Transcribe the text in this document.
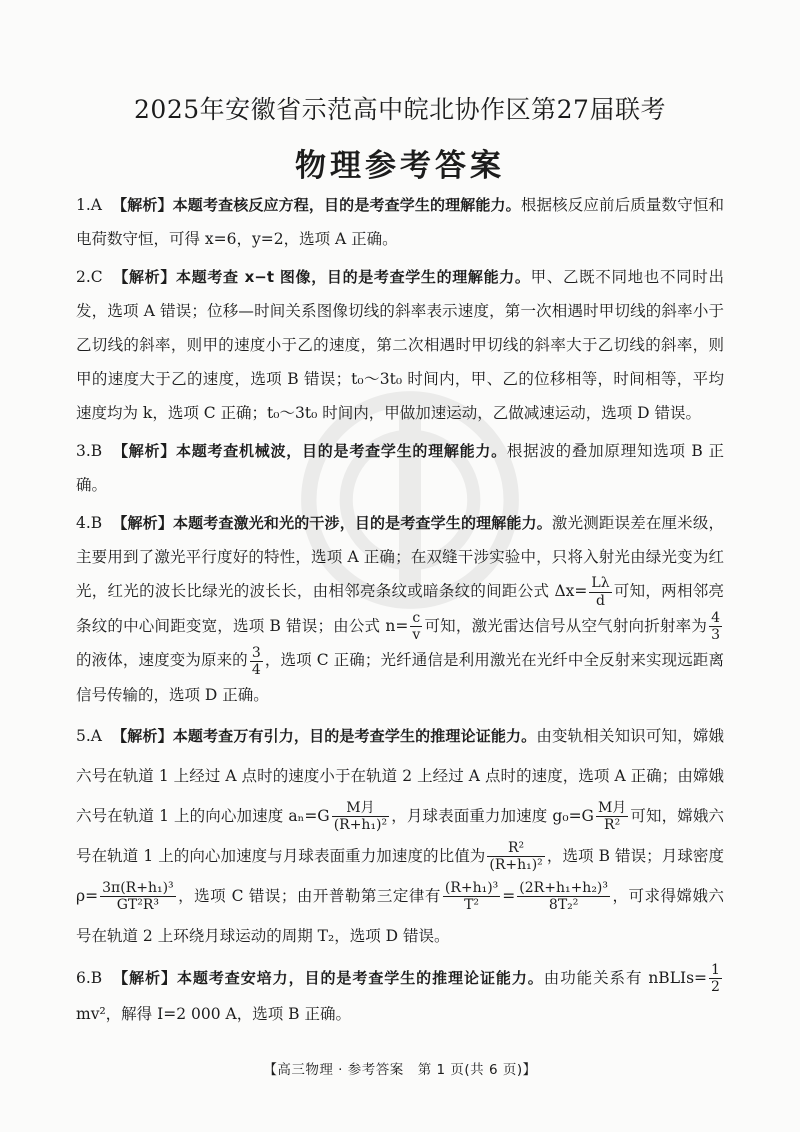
2025年安徽省示范高中皖北协作区第27届联考
物理参考答案

1.A 【解析】本题考查核反应方程，目的是考查学生的理解能力。根据核反应前后质量数守恒和电荷数守恒，可得 x=6，y=2，选项 A 正确。

2.C 【解析】本题考查 x−t 图像，目的是考查学生的理解能力。甲、乙既不同地也不同时出发，选项 A 错误；位移—时间关系图像切线的斜率表示速度，第一次相遇时甲切线的斜率小于乙切线的斜率，则甲的速度小于乙的速度，第二次相遇时甲切线的斜率大于乙切线的斜率，则甲的速度大于乙的速度，选项 B 错误；t₀～3t₀ 时间内，甲、乙的位移相等，时间相等，平均速度均为 k，选项 C 正确；t₀～3t₀ 时间内，甲做加速运动，乙做减速运动，选项 D 错误。

3.B 【解析】本题考查机械波，目的是考查学生的理解能力。根据波的叠加原理知选项 B 正确。

4.B 【解析】本题考查激光和光的干涉，目的是考查学生的理解能力。激光测距误差在厘米级，主要用到了激光平行度好的特性，选项 A 正确；在双缝干涉实验中，只将入射光由绿光变为红光，红光的波长比绿光的波长长，由相邻亮条纹或暗条纹的间距公式 $\Delta x= \frac{L\lambda}{d}$ 可知，两相邻亮条纹的中心间距变宽，选项 B 错误；由公式 $n= \frac{c}{v}$ 可知，激光雷达信号从空气射向折射率为 $\frac{4}{3}$
的液体，速度变为原来的 $\frac{3}{4}$ ，选项 C 正确；光纤通信是利用激光在光纤中全反射来实现远距离信号传输的，选项 D 正确。

5.A 【解析】本题考查万有引力，目的是考查学生的推理论证能力。由变轨相关知识可知，嫦娥六号在轨道 1 上经过 A 点时的速度小于在轨道 2 上经过 A 点时的速度，选项 A 正确；由嫦娥六号在轨道 1 上的向心加速度 $a_n=G \frac{\text{M月}}{\text{(R+h₁)²}}$ ，月球表面重力加速度 $g_0=G \frac{\text{M月}}{\text{R²}}$ 可知，嫦娥六号在轨道 1 上的向心加速度与月球表面重力加速度的比值为 $\frac{\text{R²}}{\text{(R+h₁)²}}$ ，选项 B 错误；月球密度 $\rho= \frac{\text{3π(R+h₁)³}}{\text{GT²R³}}$ ，选项 C 错误；由开普勒第三定律有 $\frac{\text{(R+h₁)³}}{\text{T²}} = \frac{\text{(2R+h₁+h₂)³}}{\text{8T₂²}}$ ，可求得嫦娥六号在轨道 2 上环绕月球运动的周期 T₂，选项 D 错误。

6.B 【解析】本题考查安培力，目的是考查学生的推理论证能力。由功能关系有 nBLIs= $\frac{1}{2}$
mv²，解得 I=2 000 A，选项 B 正确。

【高三物理 · 参考答案　第 1 页(共 6 页)】
